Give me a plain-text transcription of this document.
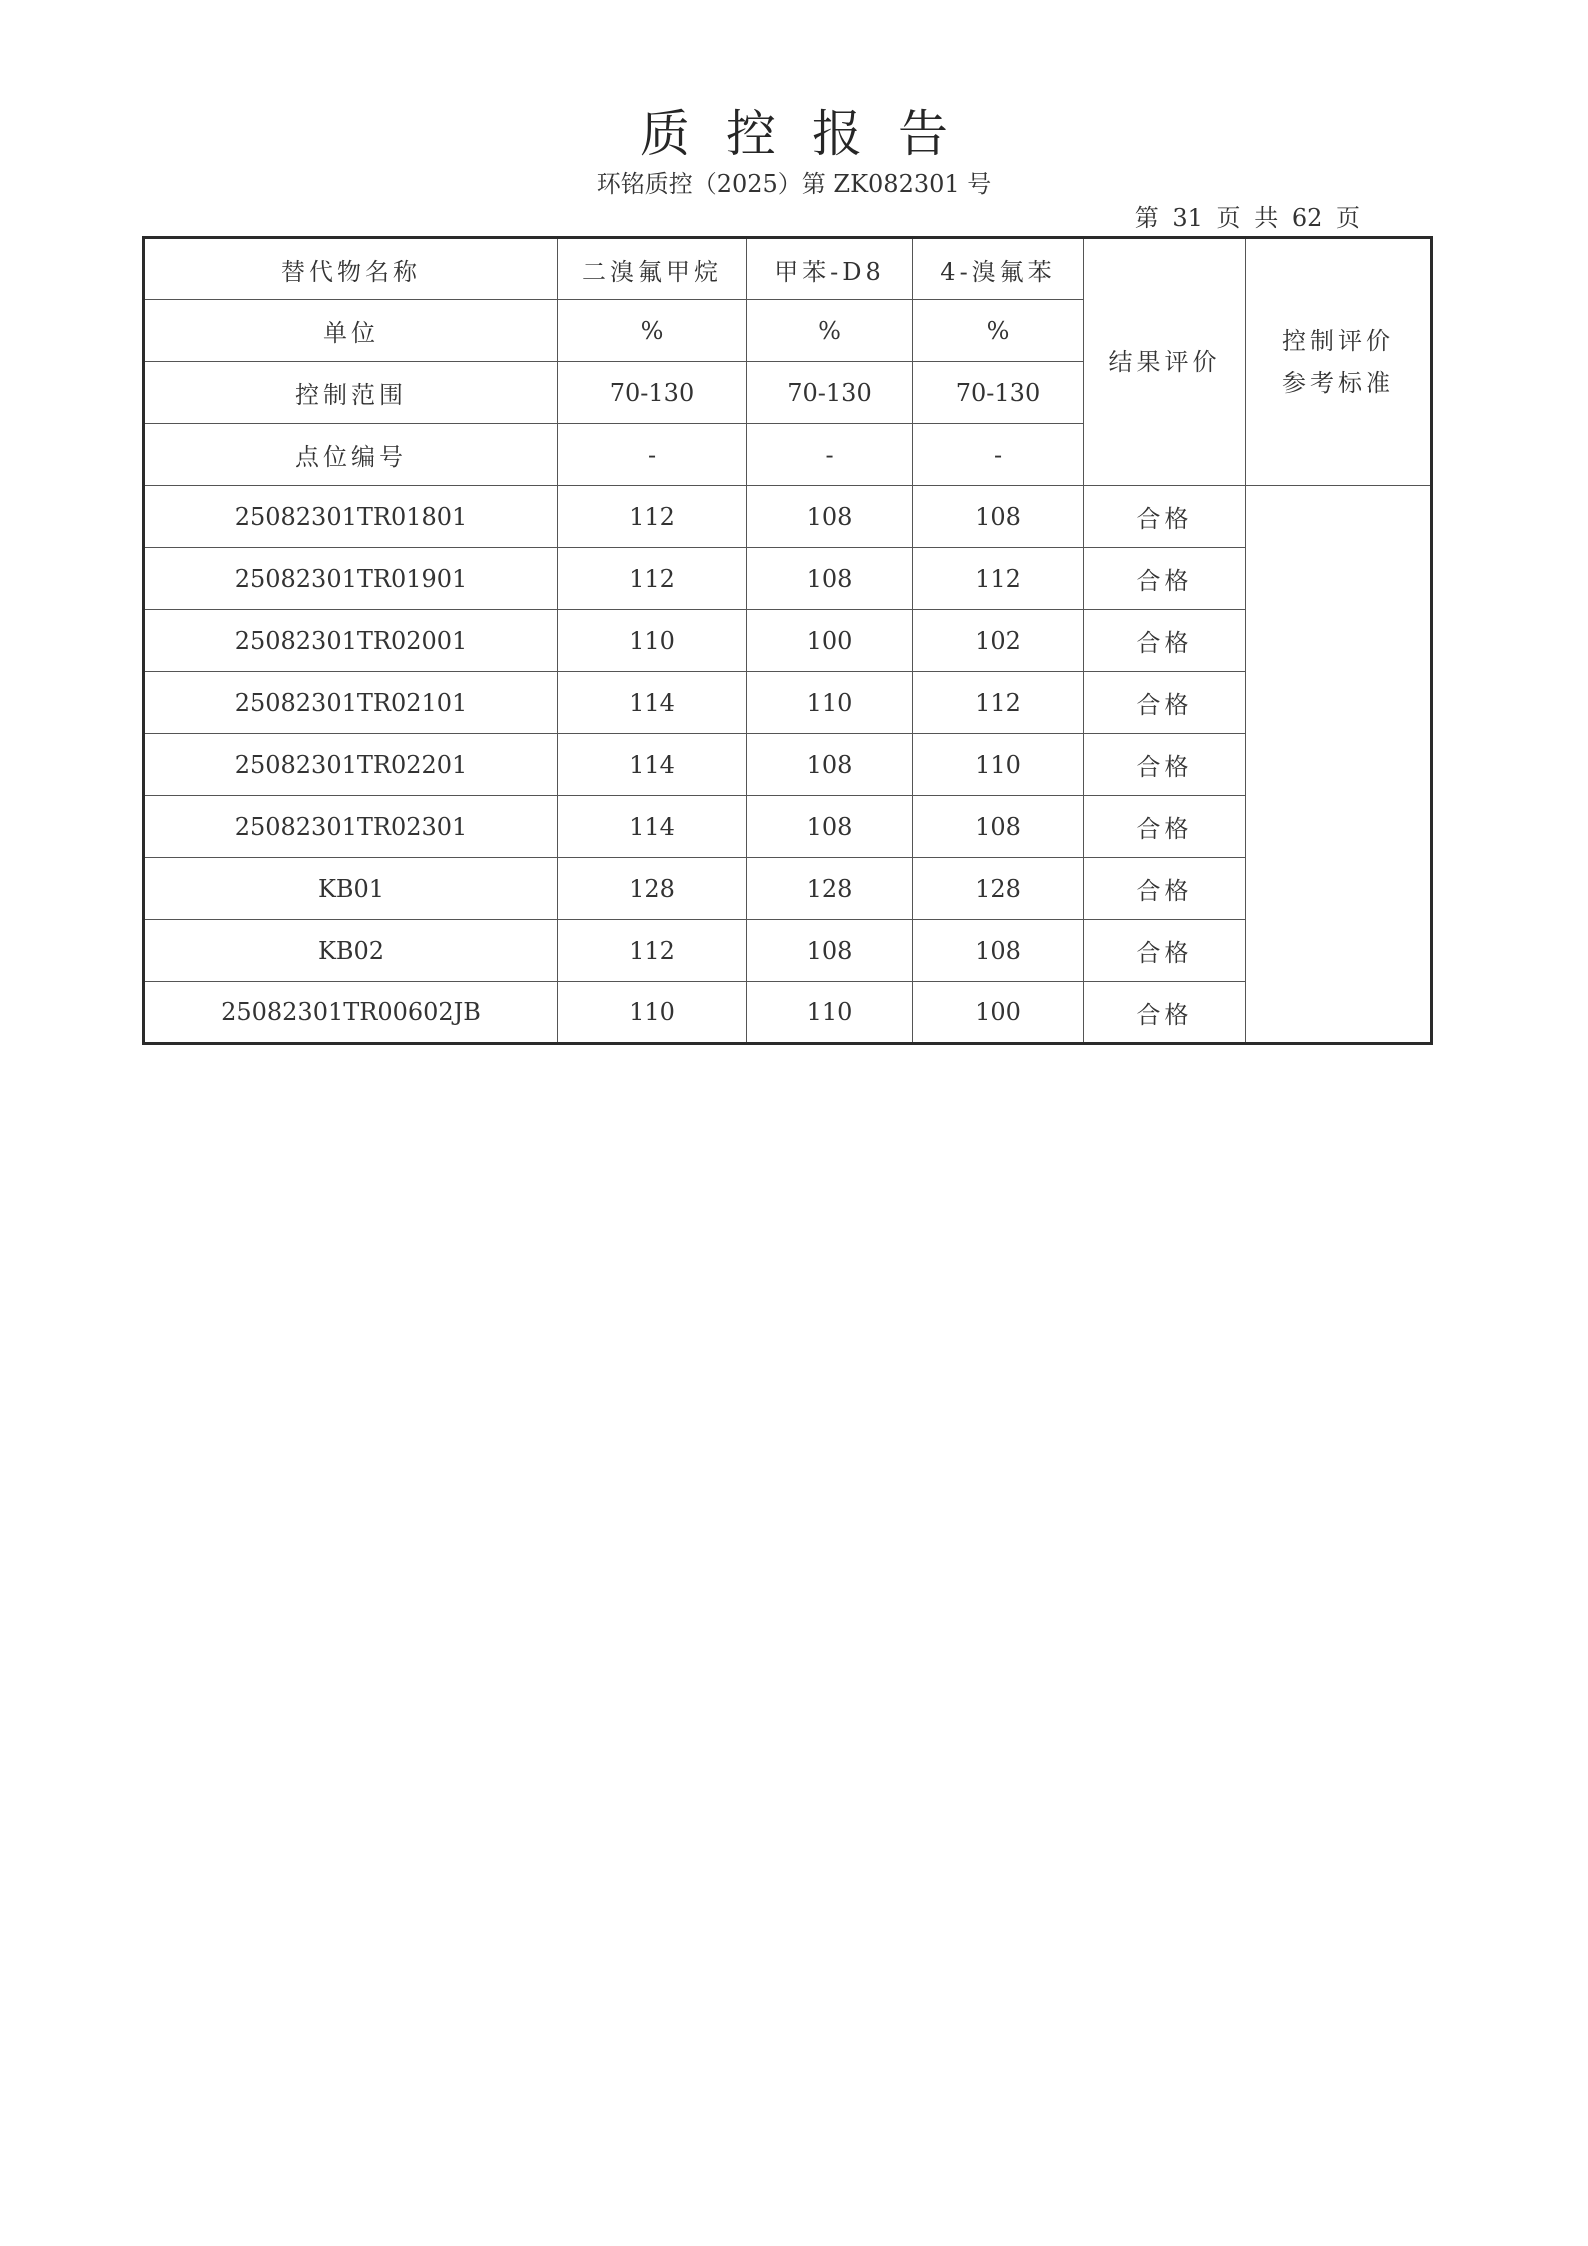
质控报告
环铭质控（2025）第 ZK082301 号
第 31 页 共 62 页
替代物名称	二溴氟甲烷	甲苯-D8	4-溴氟苯	结果评价	控制评价参考标准
单位	%	%	%		
控制范围	70-130	70-130	70-130		
点位编号	-	-	-		
25082301TR01801	112	108	108	合格	
25082301TR01901	112	108	112	合格	
25082301TR02001	110	100	102	合格	
25082301TR02101	114	110	112	合格	
25082301TR02201	114	108	110	合格	
25082301TR02301	114	108	108	合格	
KB01	128	128	128	合格	
KB02	112	108	108	合格	
25082301TR00602JB	110	110	100	合格	
